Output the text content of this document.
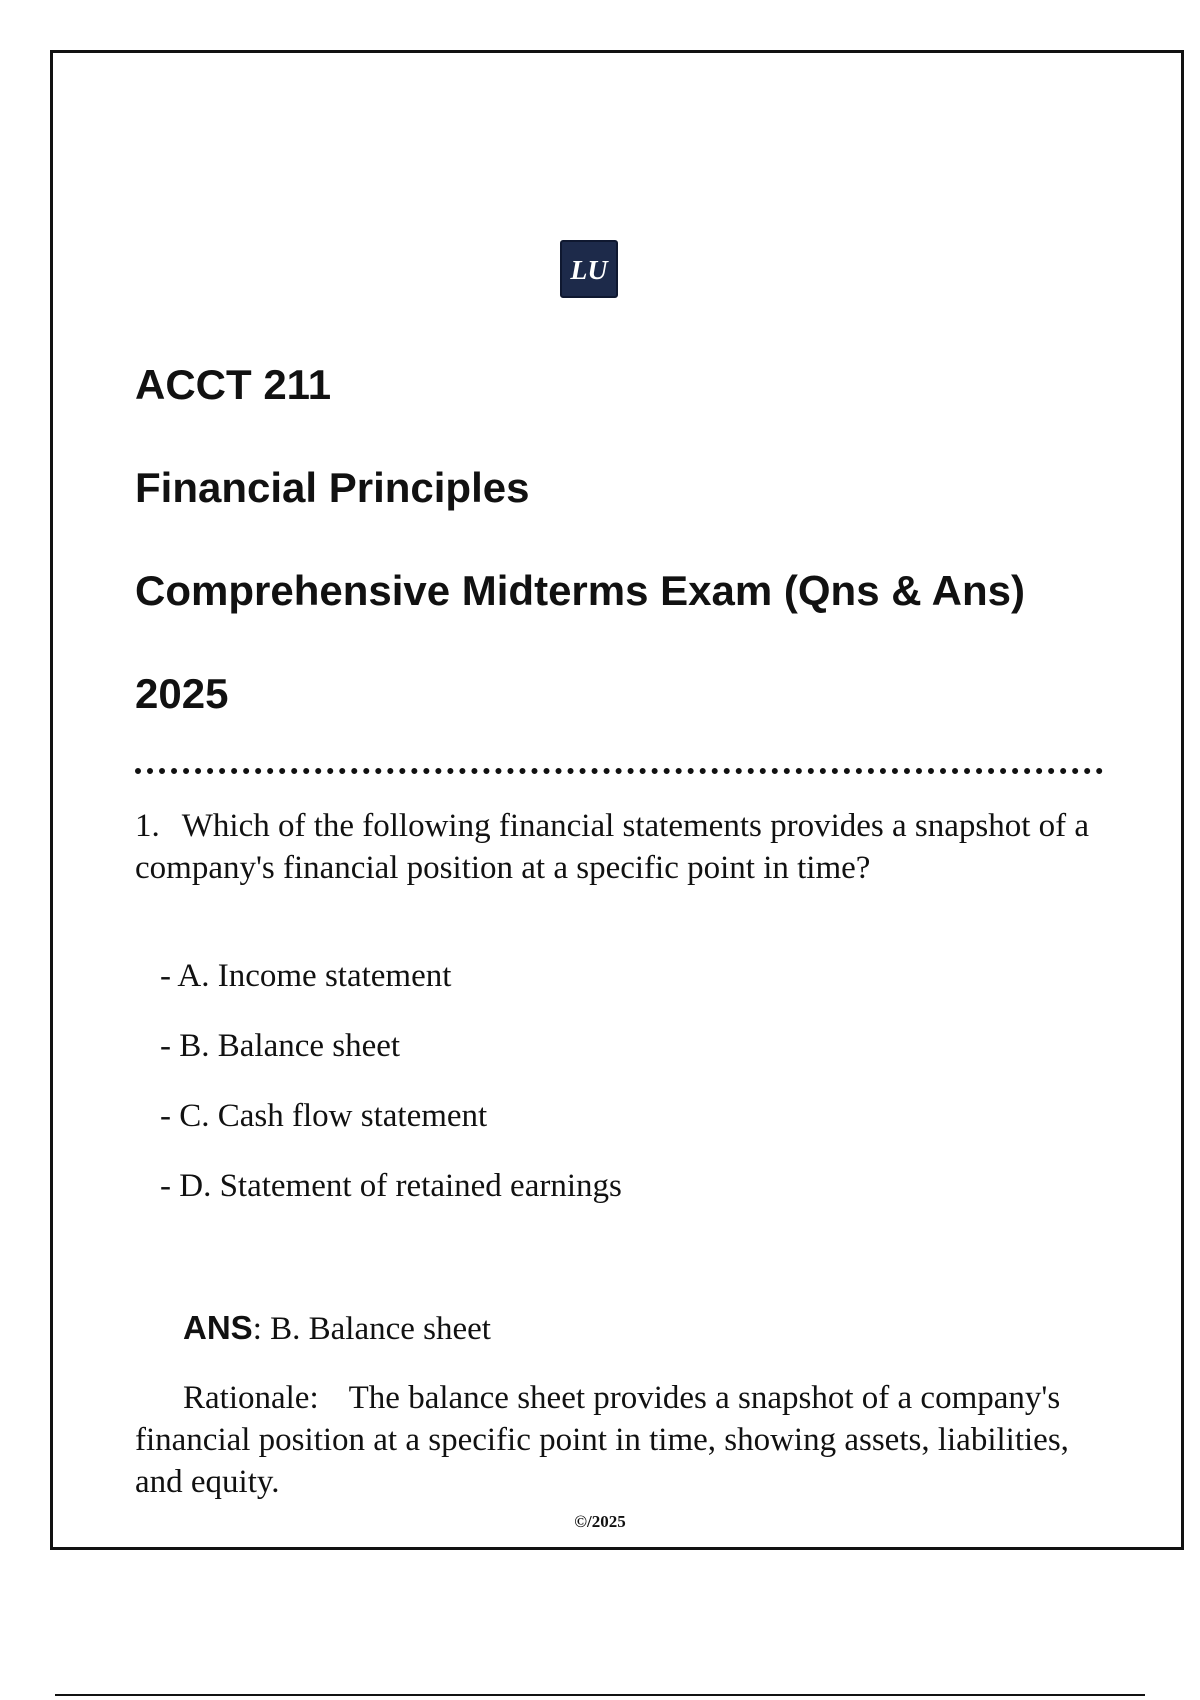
LU
ACCT 211
Financial Principles
Comprehensive Midterms Exam (Qns & Ans)
2025

1. Which of the following financial statements provides a snapshot of a company's financial position at a specific point in time?

- A. Income statement
- B. Balance sheet
- C. Cash flow statement
- D. Statement of retained earnings

ANS: B. Balance sheet

Rationale: The balance sheet provides a snapshot of a company's financial position at a specific point in time, showing assets, liabilities, and equity.

©/2025
